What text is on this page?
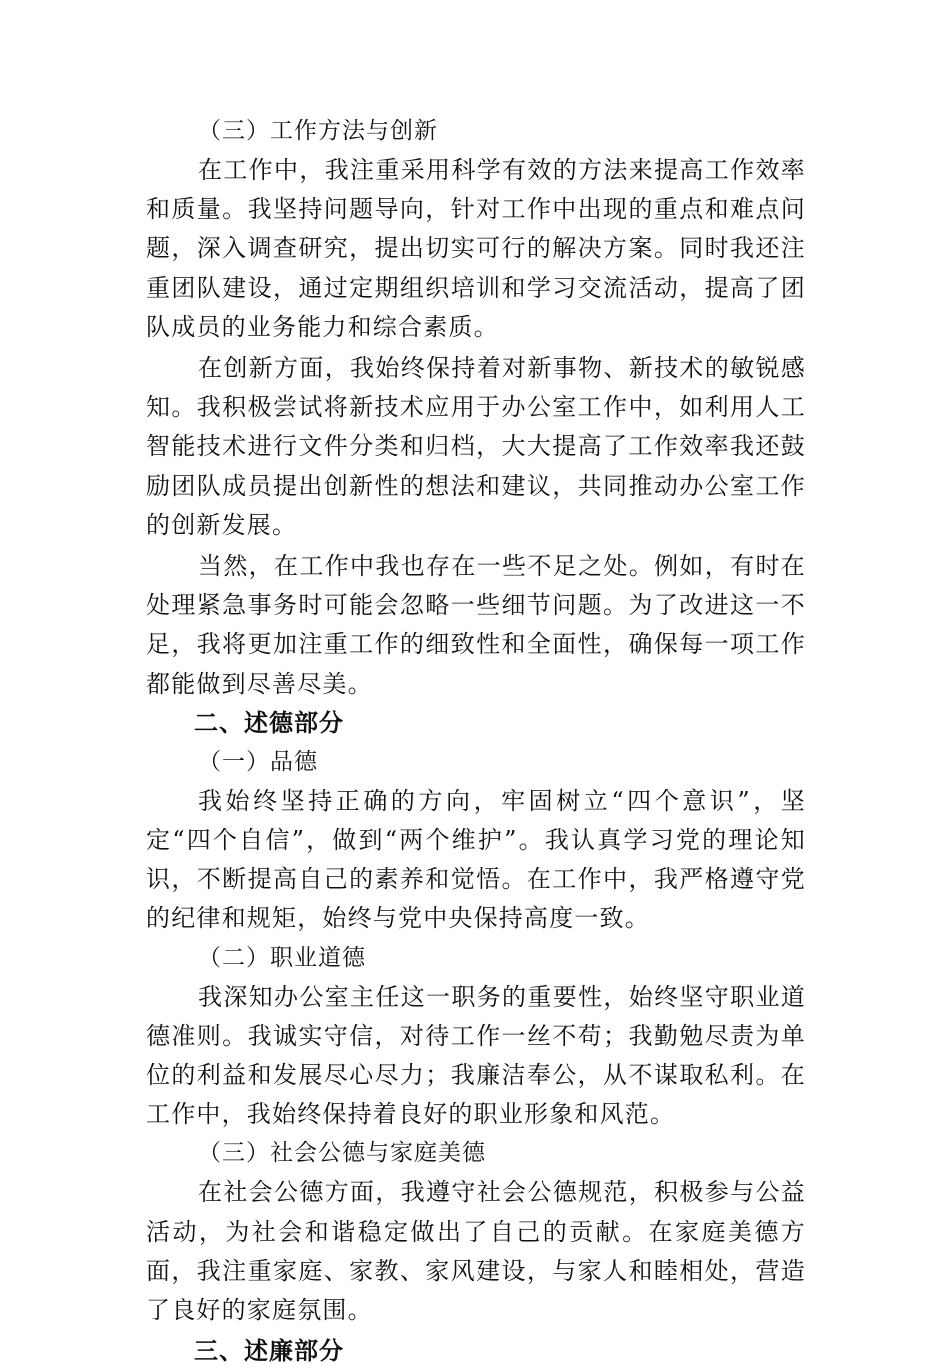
（三）工作方法与创新

在工作中，我注重采用科学有效的方法来提高工作效率和质量。我坚持问题导向，针对工作中出现的重点和难点问题，深入调查研究，提出切实可行的解决方案。同时我还注重团队建设，通过定期组织培训和学习交流活动，提高了团队成员的业务能力和综合素质。

在创新方面，我始终保持着对新事物、新技术的敏锐感知。我积极尝试将新技术应用于办公室工作中，如利用人工智能技术进行文件分类和归档，大大提高了工作效率我还鼓励团队成员提出创新性的想法和建议，共同推动办公室工作的创新发展。

当然，在工作中我也存在一些不足之处。例如，有时在处理紧急事务时可能会忽略一些细节问题。为了改进这一不足，我将更加注重工作的细致性和全面性，确保每一项工作都能做到尽善尽美。

二、述德部分
（一）品德

我始终坚持正确的方向，牢固树立“四个意识”，坚定“四个自信”，做到“两个维护”。我认真学习党的理论知识，不断提高自己的素养和觉悟。在工作中，我严格遵守党的纪律和规矩，始终与党中央保持高度一致。

（二）职业道德

我深知办公室主任这一职务的重要性，始终坚守职业道德准则。我诚实守信，对待工作一丝不苟；我勤勉尽责为单位的利益和发展尽心尽力；我廉洁奉公，从不谋取私利。在工作中，我始终保持着良好的职业形象和风范。

（三）社会公德与家庭美德

在社会公德方面，我遵守社会公德规范，积极参与公益活动，为社会和谐稳定做出了自己的贡献。在家庭美德方面，我注重家庭、家教、家风建设，与家人和睦相处，营造了良好的家庭氛围。

三、述廉部分
